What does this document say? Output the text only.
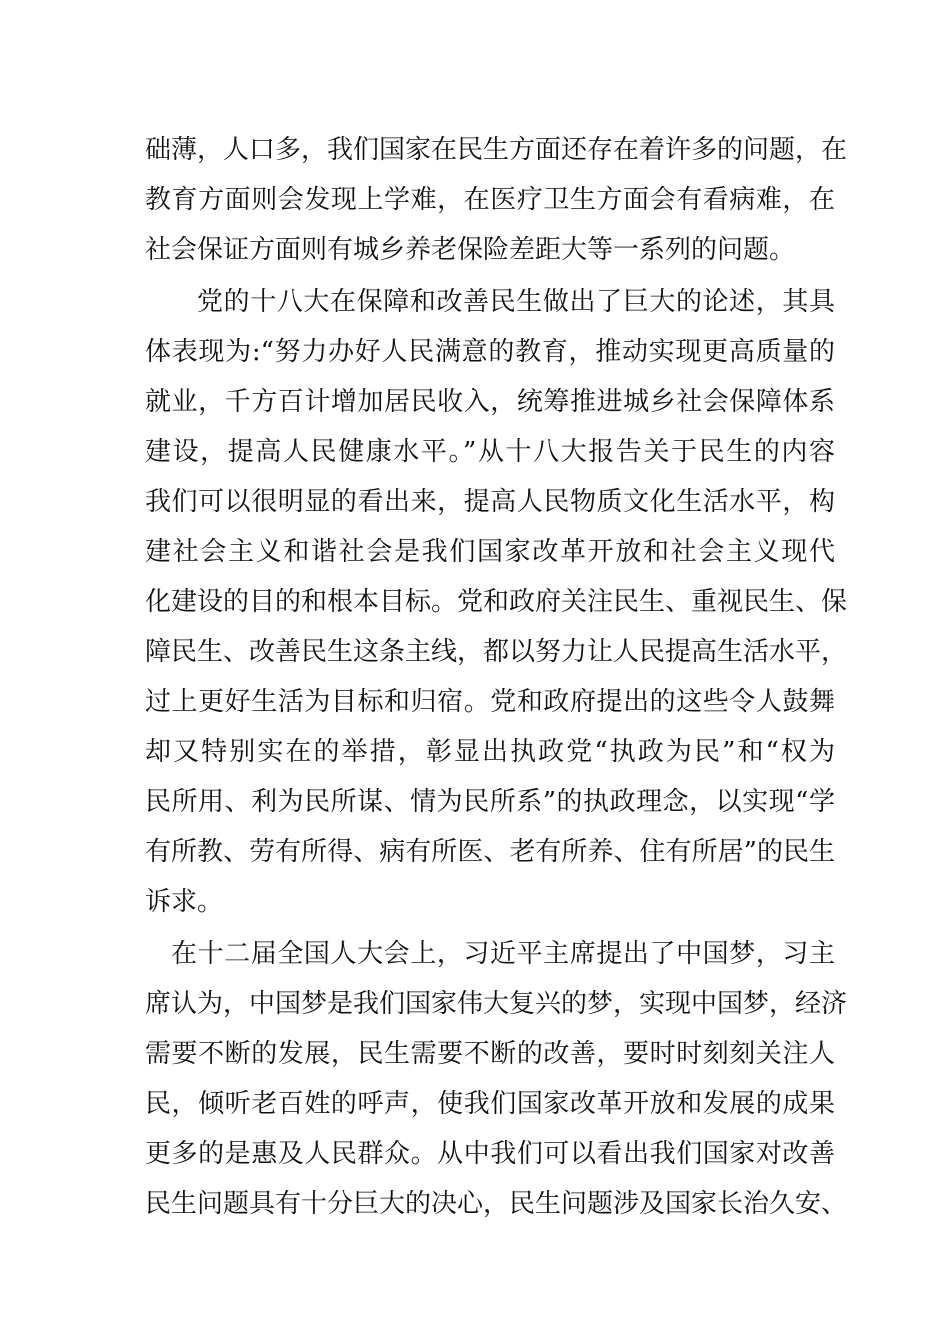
础薄，人口多，我们国家在民生方面还存在着许多的问题，在
教育方面则会发现上学难，在医疗卫生方面会有看病难，在
社会保证方面则有城乡养老保险差距大等一系列的问题。
党的十八大在保障和改善民生做出了巨大的论述，其具
体表现为:“努力办好人民满意的教育，推动实现更高质量的
就业，千方百计增加居民收入，统筹推进城乡社会保障体系
建设，提高人民健康水平。”从十八大报告关于民生的内容
我们可以很明显的看出来，提高人民物质文化生活水平，构
建社会主义和谐社会是我们国家改革开放和社会主义现代
化建设的目的和根本目标。党和政府关注民生、重视民生、保
障民生、改善民生这条主线，都以努力让人民提高生活水平，
过上更好生活为目标和归宿。党和政府提出的这些令人鼓舞
却又特别实在的举措，彰显出执政党“执政为民”和“权为
民所用、利为民所谋、情为民所系”的执政理念，以实现“学
有所教、劳有所得、病有所医、老有所养、住有所居”的民生
诉求。
在十二届全国人大会上，习近平主席提出了中国梦，习主
席认为，中国梦是我们国家伟大复兴的梦，实现中国梦，经济
需要不断的发展，民生需要不断的改善，要时时刻刻关注人
民，倾听老百姓的呼声，使我们国家改革开放和发展的成果
更多的是惠及人民群众。从中我们可以看出我们国家对改善
民生问题具有十分巨大的决心，民生问题涉及国家长治久安、
